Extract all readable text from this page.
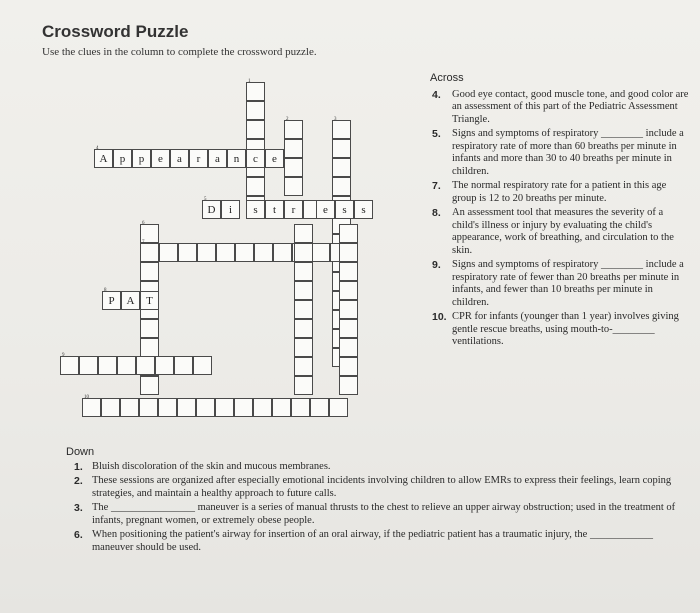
Crossword Puzzle
Use the clues in the column to complete the crossword puzzle.
1
2	3
4
A	p	p	e	a	r	a	n	c	e
5
D	i	s	t	r	e	s	s
6
7
8
P	A	T
9
10
Across
4. Good eye contact, good muscle tone, and good color are an assessment of this part of the Pediatric Assessment Triangle.
5. Signs and symptoms of respiratory ________ include a respiratory rate of more than 60 breaths per minute in infants and more than 30 to 40 breaths per minute in children.
7. The normal respiratory rate for a patient in this age group is 12 to 20 breaths per minute.
8. An assessment tool that measures the severity of a child's illness or injury by evaluating the child's appearance, work of breathing, and circulation to the skin.
9. Signs and symptoms of respiratory ________ include a respiratory rate of fewer than 20 breaths per minute in infants, and fewer than 10 breaths per minute in children.
10. CPR for infants (younger than 1 year) involves giving gentle rescue breaths, using mouth-to-________ ventilations.
Down
1. Bluish discoloration of the skin and mucous membranes.
2. These sessions are organized after especially emotional incidents involving children to allow EMRs to express their feelings, learn coping strategies, and maintain a healthy approach to future calls.
3. The ________________ maneuver is a series of manual thrusts to the chest to relieve an upper airway obstruction; used in the treatment of infants, pregnant women, or extremely obese people.
6. When positioning the patient's airway for insertion of an oral airway, if the pediatric patient has a traumatic injury, the ____________ maneuver should be used.
